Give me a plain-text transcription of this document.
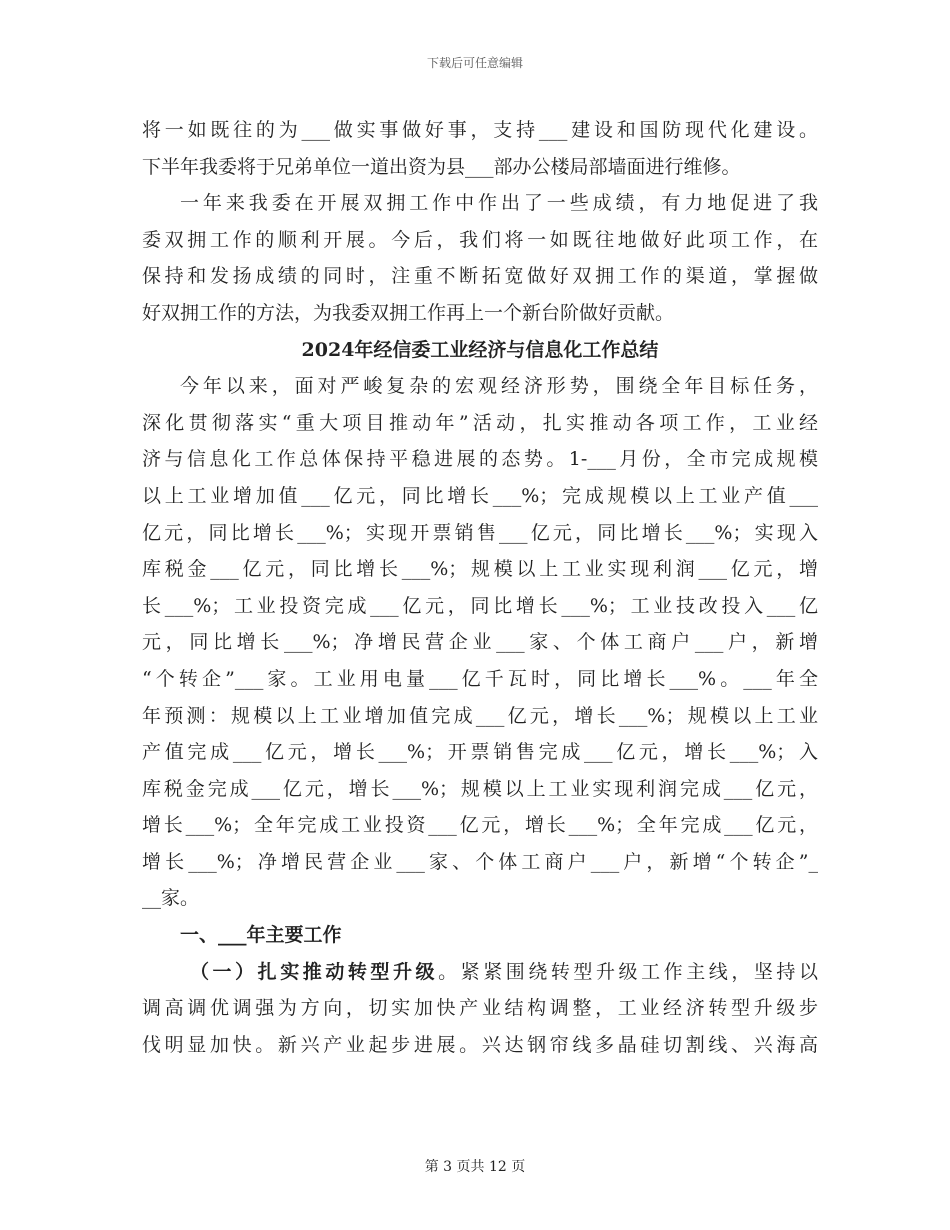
下载后可任意编辑
将一如既往的为___做实事做好事，支持___建设和国防现代化建设。
下半年我委将于兄弟单位一道出资为县___部办公楼局部墙面进行维修。
一年来我委在开展双拥工作中作出了一些成绩，有力地促进了我
委双拥工作的顺利开展。今后，我们将一如既往地做好此项工作，在
保持和发扬成绩的同时，注重不断拓宽做好双拥工作的渠道，掌握做
好双拥工作的方法，为我委双拥工作再上一个新台阶做好贡献。
2024年经信委工业经济与信息化工作总结
今年以来，面对严峻复杂的宏观经济形势，围绕全年目标任务，
深化贯彻落实“重大项目推动年”活动，扎实推动各项工作，工业经
济与信息化工作总体保持平稳进展的态势。1-___月份，全市完成规模
以上工业增加值___亿元，同比增长___%；完成规模以上工业产值___
亿元，同比增长___%；实现开票销售___亿元，同比增长___%；实现入
库税金___亿元，同比增长___%；规模以上工业实现利润___亿元，增
长___%；工业投资完成___亿元，同比增长___%；工业技改投入___亿
元，同比增长___%；净增民营企业___家、个体工商户___户，新增
“个转企”___家。工业用电量___亿千瓦时，同比增长___%。___年全
年预测：规模以上工业增加值完成___亿元，增长___%；规模以上工业
产值完成___亿元，增长___%；开票销售完成___亿元，增长___%；入
库税金完成___亿元，增长___%；规模以上工业实现利润完成___亿元，
增长___%；全年完成工业投资___亿元，增长___%；全年完成___亿元，
增长___%；净增民营企业___家、个体工商户___户，新增“个转企”_
__家。
一、___年主要工作
（一）扎实推动转型升级。紧紧围绕转型升级工作主线，坚持以
调高调优调强为方向，切实加快产业结构调整，工业经济转型升级步
伐明显加快。新兴产业起步进展。兴达钢帘线多晶硅切割线、兴海高
第 3 页共 12 页
